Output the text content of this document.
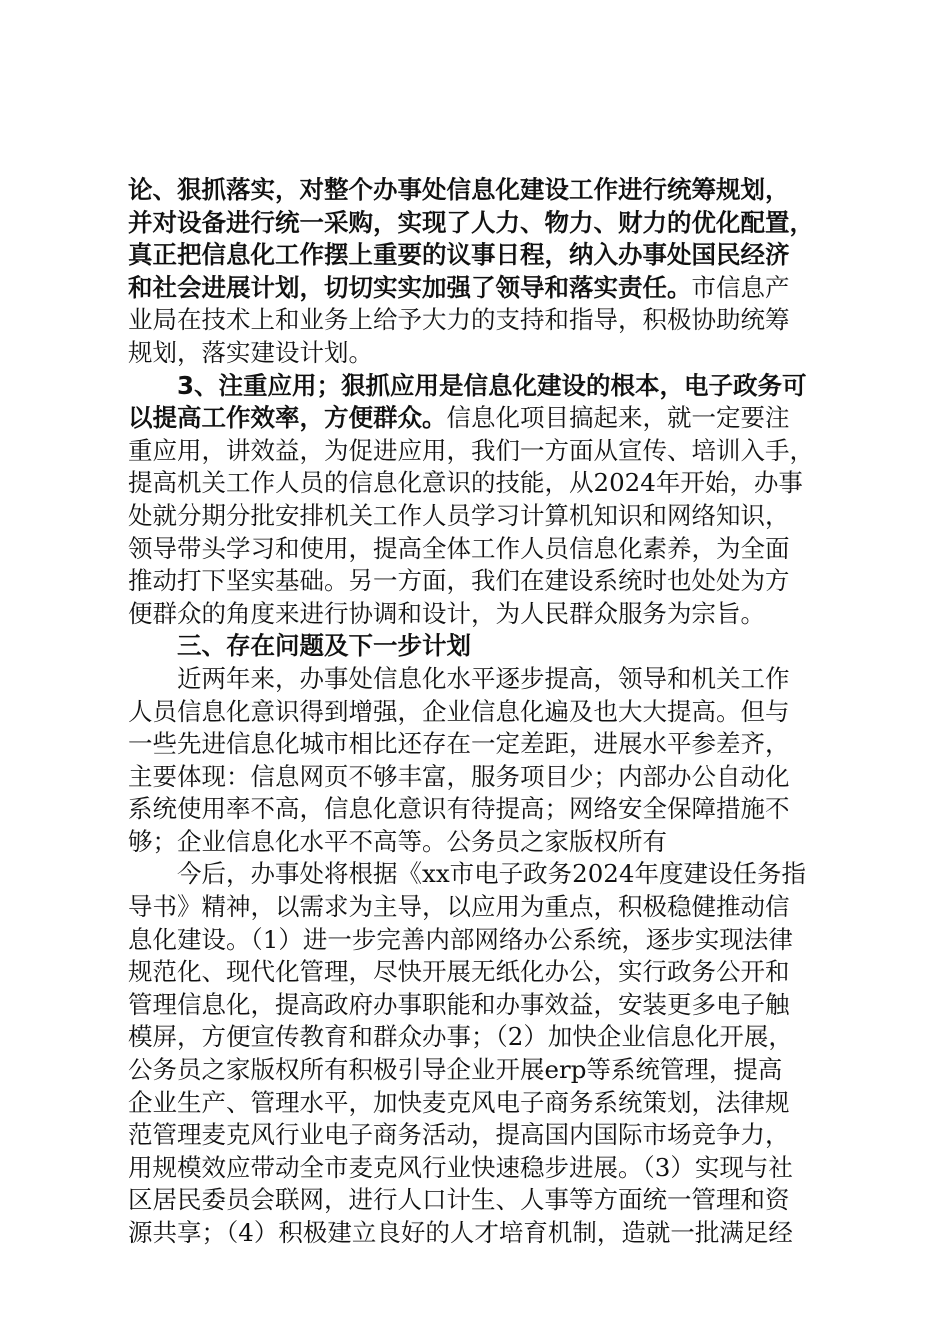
论、狠抓落实，对整个办事处信息化建设工作进行统筹规划，
并对设备进行统一采购，实现了人力、物力、财力的优化配置，
真正把信息化工作摆上重要的议事日程，纳入办事处国民经济
和社会进展计划，切切实实加强了领导和落实责任。市信息产
业局在技术上和业务上给予大力的支持和指导，积极协助统筹
规划，落实建设计划。
3、注重应用；狠抓应用是信息化建设的根本，电子政务可
以提高工作效率，方便群众。信息化项目搞起来，就一定要注
重应用，讲效益，为促进应用，我们一方面从宣传、培训入手，
提高机关工作人员的信息化意识的技能，从2024年开始，办事
处就分期分批安排机关工作人员学习计算机知识和网络知识，
领导带头学习和使用，提高全体工作人员信息化素养，为全面
推动打下坚实基础。另一方面，我们在建设系统时也处处为方
便群众的角度来进行协调和设计，为人民群众服务为宗旨。
三、存在问题及下一步计划
近两年来，办事处信息化水平逐步提高，领导和机关工作
人员信息化意识得到增强，企业信息化遍及也大大提高。但与
一些先进信息化城市相比还存在一定差距，进展水平参差齐，
主要体现：信息网页不够丰富，服务项目少；内部办公自动化
系统使用率不高，信息化意识有待提高；网络安全保障措施不
够；企业信息化水平不高等。公务员之家版权所有
今后，办事处将根据《xx市电子政务2024年度建设任务指
导书》精神，以需求为主导，以应用为重点，积极稳健推动信
息化建设。（1）进一步完善内部网络办公系统，逐步实现法律
规范化、现代化管理，尽快开展无纸化办公，实行政务公开和
管理信息化，提高政府办事职能和办事效益，安装更多电子触
模屏，方便宣传教育和群众办事；（2）加快企业信息化开展，
公务员之家版权所有积极引导企业开展erp等系统管理，提高
企业生产、管理水平，加快麦克风电子商务系统策划，法律规
范管理麦克风行业电子商务活动，提高国内国际市场竞争力，
用规模效应带动全市麦克风行业快速稳步进展。（3）实现与社
区居民委员会联网，进行人口计生、人事等方面统一管理和资
源共享；（4）积极建立良好的人才培育机制，造就一批满足经
